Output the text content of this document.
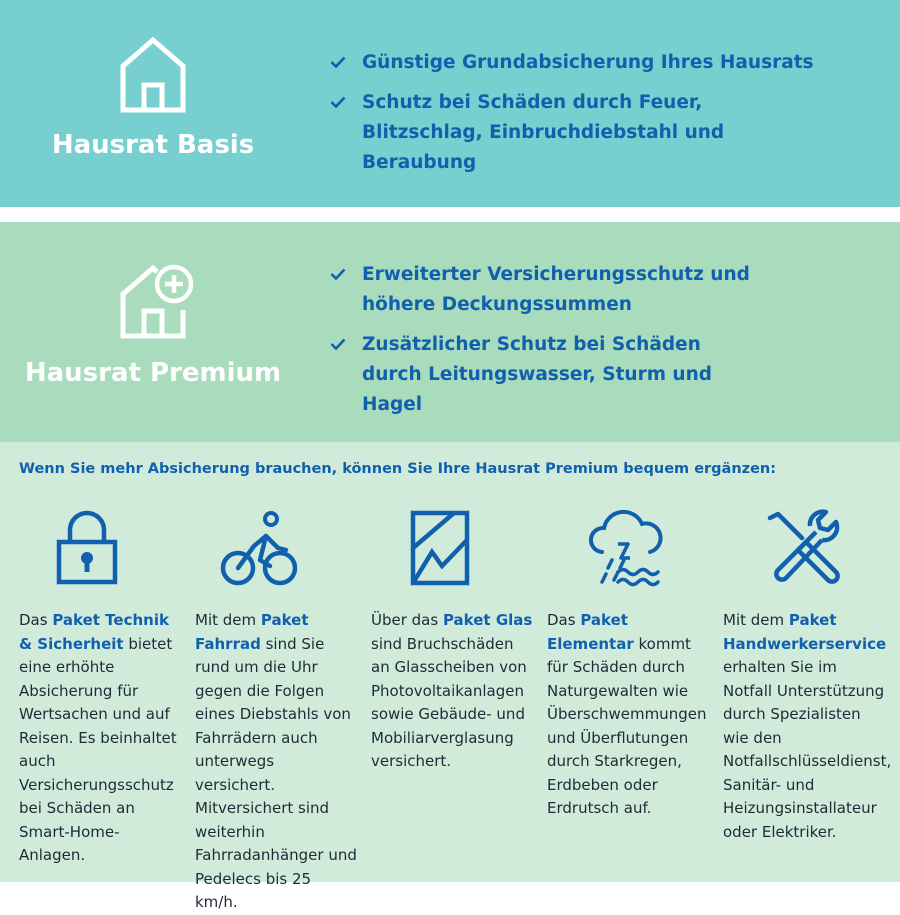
Hausrat Basis
Günstige Grundabsicherung Ihres Hausrats
Schutz bei Schäden durch Feuer, Blitzschlag, Einbruchdiebstahl und Beraubung
Hausrat Premium
Erweiterter Versicherungsschutz und höhere Deckungssummen
Zusätzlicher Schutz bei Schäden durch Leitungswasser, Sturm und Hagel
Wenn Sie mehr Absicherung brauchen, können Sie Ihre Hausrat Premium bequem ergänzen:
Das Paket Technik & Sicherheit bietet eine erhöhte Absicherung für Wertsachen und auf Reisen. Es beinhaltet auch Versicherungsschutz bei Schäden an Smart-Home-Anlagen.
Mit dem Paket Fahrrad sind Sie rund um die Uhr gegen die Folgen eines Diebstahls von Fahrrädern auch unterwegs versichert. Mitversichert sind weiterhin Fahrradanhänger und Pedelecs bis 25 km/h.
Über das Paket Glas sind Bruchschäden an Glasscheiben von Photovoltaikanlagen sowie Gebäude- und Mobiliarverglasung versichert.
Das Paket Elementar kommt für Schäden durch Naturgewalten wie Überschwemmungen und Überflutungen durch Starkregen, Erdbeben oder Erdrutsch auf.
Mit dem Paket Handwerkerservice erhalten Sie im Notfall Unterstützung durch Spezialisten wie den Notfallschlüsseldienst, Sanitär- und Heizungsinstallateur oder Elektriker.
